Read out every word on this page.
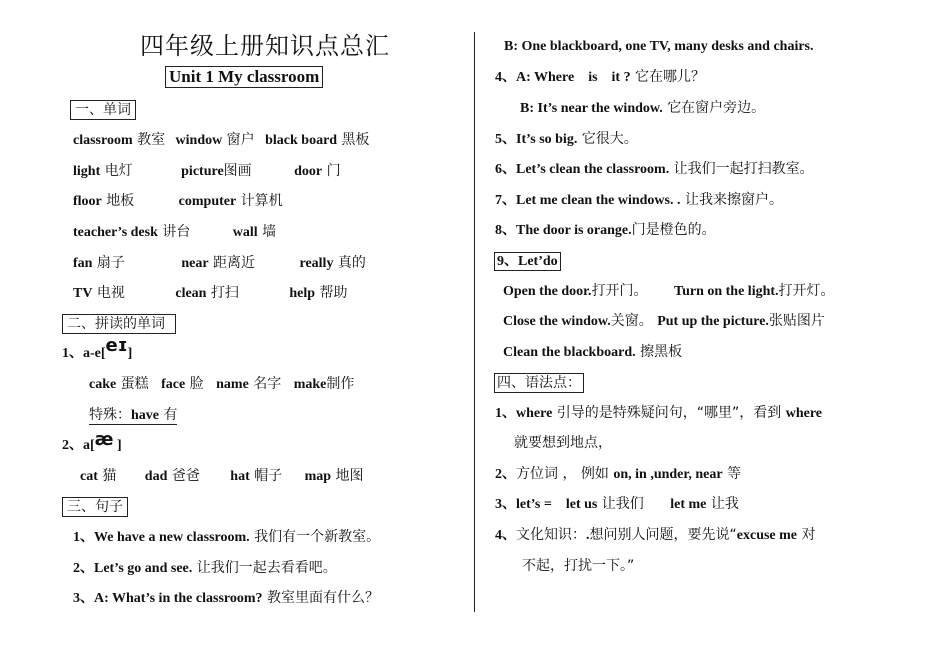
四年级上册知识点总汇
Unit 1 My classroom
一、单词
classroom 教室 window 窗户 black board 黑板
light 电灯	picture图画	door 门
floor 地板	computer 计算机
teacher’s desk 讲台	wall 墙
fan 扇子	near 距离近	really 真的
TV 电视	clean 打扫	help 帮助
二、拼读的单词
1、a-e[eɪ]
cake 蛋糕 face 脸 name 名字 make制作
特殊：have 有
2、a[æ ]
cat 猫 dad 爸爸 hat 帽子 map 地图
三、句子
1、We have a new classroom. 我们有一个新教室。
2、Let’s go and see. 让我们一起去看看吧。
3、A: What’s in the classroom? 教室里面有什么？
B: One blackboard, one TV, many desks and chairs.
4、A: Where    is    it ? 它在哪儿？
B: It’s near the window. 它在窗户旁边。
5、It’s so big. 它很大。
6、Let’s clean the classroom. 让我们一起打扫教室。
7、Let me clean the windows. . 让我来擦窗户。
8、The door is orange.门是橙色的。
9、Let’do
Open the door.打开门。 Turn on the light.打开灯。
Close the window.关窗。 Put up the picture.张贴图片
Clean the blackboard. 擦黑板
四、语法点：
1、where 引导的是特殊疑问句，“哪里”，看到 where
就要想到地点，
2、方位词 ， 例如 on, in ,under, near 等
3、let’s =    let us 让我们 let me 让我
4、文化知识：.想问别人问题，要先说“excuse me 对
不起，打扰一下。”
